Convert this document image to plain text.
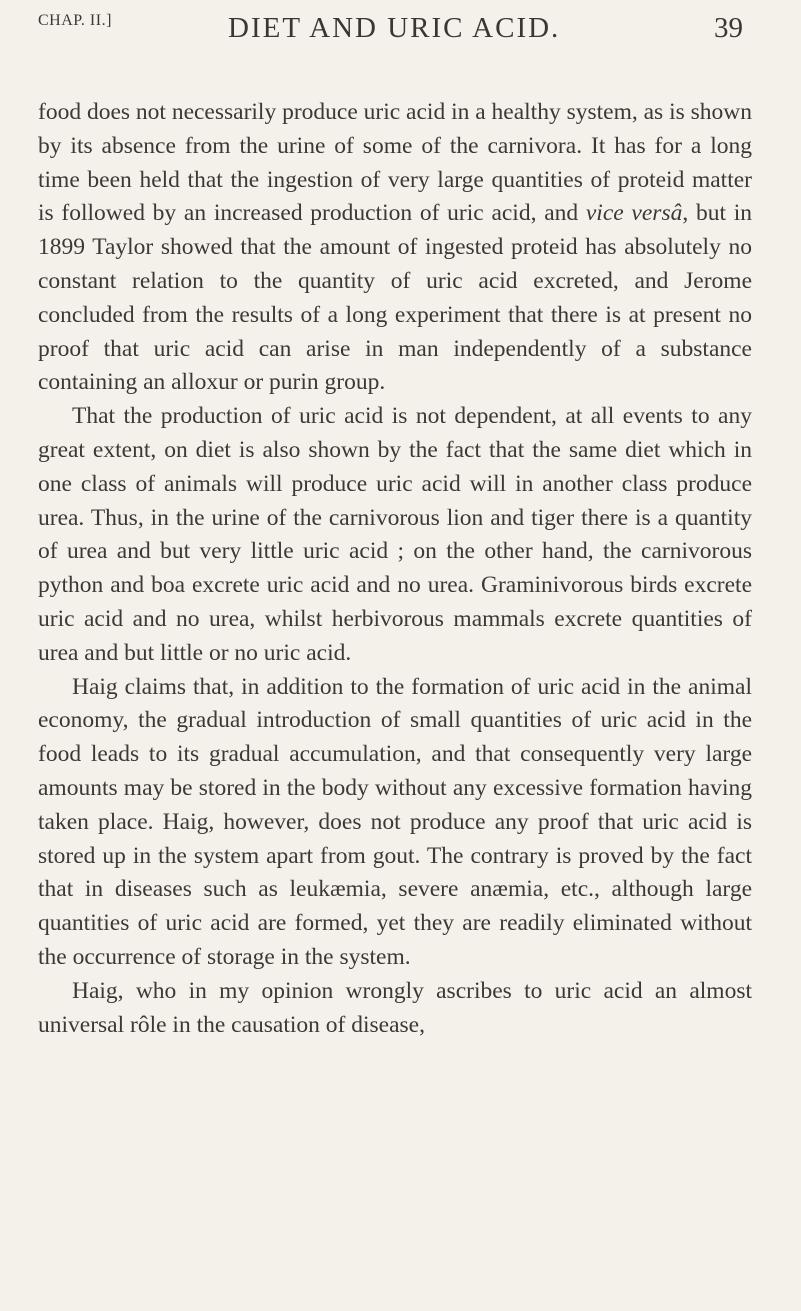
CHAP. II.]	DIET AND URIC ACID.	39

food does not necessarily produce uric acid in a healthy system, as is shown by its absence from the urine of some of the carnivora. It has for a long time been held that the ingestion of very large quantities of proteid matter is followed by an increased production of uric acid, and vice versâ, but in 1899 Taylor showed that the amount of ingested proteid has absolutely no constant relation to the quantity of uric acid excreted, and Jerome concluded from the results of a long experiment that there is at present no proof that uric acid can arise in man independently of a substance containing an alloxur or purin group.

That the production of uric acid is not dependent, at all events to any great extent, on diet is also shown by the fact that the same diet which in one class of animals will produce uric acid will in another class produce urea. Thus, in the urine of the carnivorous lion and tiger there is a quantity of urea and but very little uric acid ; on the other hand, the carnivorous python and boa excrete uric acid and no urea. Graminivorous birds excrete uric acid and no urea, whilst herbivorous mammals excrete quantities of urea and but little or no uric acid.

Haig claims that, in addition to the formation of uric acid in the animal economy, the gradual introduction of small quantities of uric acid in the food leads to its gradual accumulation, and that consequently very large amounts may be stored in the body without any excessive formation having taken place. Haig, however, does not produce any proof that uric acid is stored up in the system apart from gout. The contrary is proved by the fact that in diseases such as leukæmia, severe anæmia, etc., although large quantities of uric acid are formed, yet they are readily eliminated without the occurrence of storage in the system.

Haig, who in my opinion wrongly ascribes to uric acid an almost universal rôle in the causation of disease,
